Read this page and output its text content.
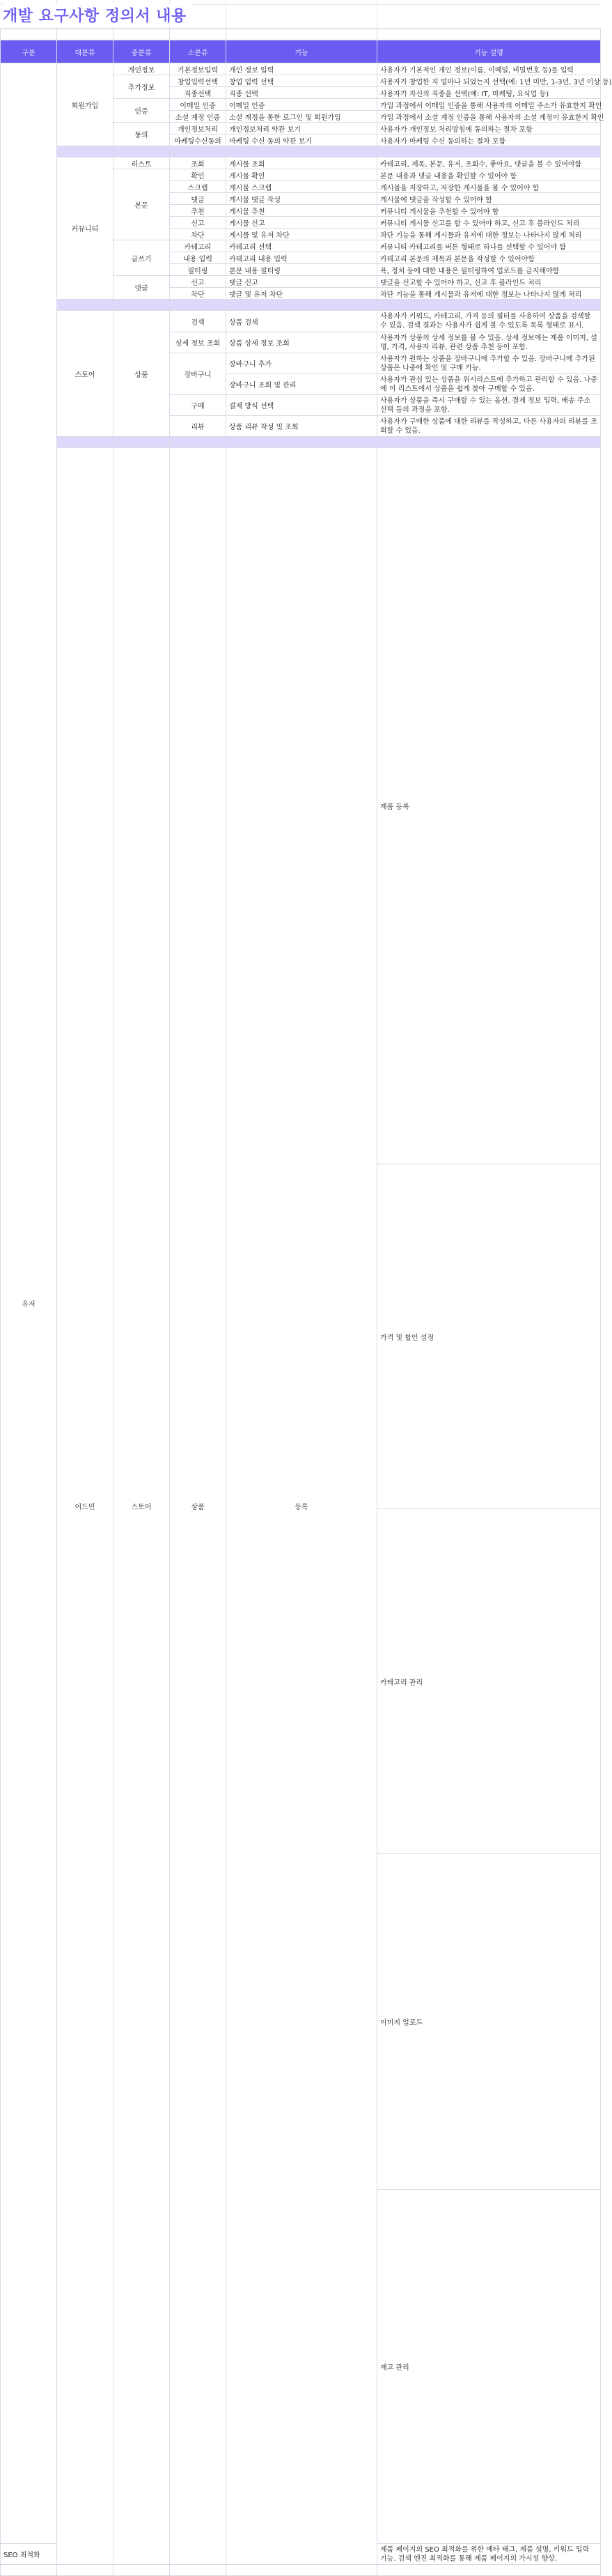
개발 요구사항 정의서 내용

구분	대분류	중분류	소분류	기능	기능 설명	
유저	회원가입	개인정보	기본정보입력	개인 정보 입력	사용자가 기본적인 개인 정보(이름, 이메일, 비밀번호 등)를 입력	
		추가정보	창업입력선택	창업 입력 선택	사용자가 창업한 지 얼마나 되었는지 선택(예: 1년 미만, 1-3년, 3년 이상 등)	
			직종선택	직종 선택	사용자가 자신의 직종을 선택(예: IT, 마케팅, 요식업 등)	
		인증	이메일 인증	이메일 인증	가입 과정에서 이메일 인증을 통해 사용자의 이메일 주소가 유효한지 확인	
			소셜 계정 인증	소셜 계정을 통한 로그인 및 회원가입	가입 과정에서 소셜 계정 인증을 통해 사용자의 소셜 계정이 유효한지 확인	
		동의	개인정보처리	개인정보처리 약관 보기	사용자가 개인정보 처리방침에 동의하는 절차 포함	
			마케팅수신동의	마케팅 수신 동의 약관 보기	사용자가 마케팅 수신 동의하는 절차 포함	

	커뮤니티	리스트	조회	게시물 조회	카테고리, 제목, 본문, 유저, 조회수, 좋아요, 댓글을 볼 수 있어야함	
		본문	확인	게시물 확인	본문 내용과 댓글 내용을 확인할 수 있어야 함	
			스크랩	게시물 스크랩	게시물을 저장하고, 저장한 게시물을 볼 수 있어야 함	
			댓글	게시물 댓글 작성	게시물에 댓글을 작성할 수 있어야 함	
			추천	게시물 추천	커뮤니티 게시물을 추천할 수 있어야 함	
			신고	게시물 신고	커뮤니티 게시물 신고를 할 수 있어야 하고, 신고 후 블라인드 처리	
			차단	게시물 및 유저 차단	차단 기능을 통해 게시물과 유저에 대한 정보는 나타나지 않게 처리	
		글쓰기	카테고리	카테고리 선택	커뮤니티 카테고리를 버튼 형태로 하나를 선택할 수 있어야 함	
			내용 입력	카테고리 내용 입력	카테고리 본문의 제목과 본문을 작성할 수 있어야함	
			필터링	본문 내용 필터링	욕, 정치 등에 대한 내용은 필터링하여 업로드를 금지해야함	
		댓글	신고	댓글 신고	댓글을 신고할 수 있어야 하고, 신고 후 블라인드 처리	
			차단	댓글 및 유저 차단	차단 기능을 통해 게시물과 유저에 대한 정보는 나타나지 않게 처리	

	스토어	상품	검색	상품 검색	사용자가 키워드, 카테고리, 가격 등의 필터를 사용하여 상품을 검색할 수 있음. 검색 결과는 사용자가 쉽게 볼 수 있도록 목록 형태로 표시.	
			상세 정보 조회	상품 상세 정보 조회	사용자가 상품의 상세 정보를 볼 수 있음. 상세 정보에는 제품 이미지, 설명, 가격, 사용자 리뷰, 관련 상품 추천 등이 포함.	
			장바구니	장바구니 추가	사용자가 원하는 상품을 장바구니에 추가할 수 있음. 장바구니에 추가된 상품은 나중에 확인 및 구매 가능.	
				장바구니 조회 및 관리	사용자가 관심 있는 상품을 위시리스트에 추가하고 관리할 수 있음. 나중에 이 리스트에서 상품을 쉽게 찾아 구매할 수 있음.	
			구매	결제 방식 선택	사용자가 상품을 즉시 구매할 수 있는 옵션. 결제 정보 입력, 배송 주소 선택 등의 과정을 포함.	
			리뷰	상품 리뷰 작성 및 조회	사용자가 구매한 상품에 대한 리뷰를 작성하고, 다른 사용자의 리뷰를 조회할 수 있음.	

	어드민	스토어	상품	등록	제품 등록	
					가격 및 할인 설정	
					카테고리 관리	
					이미지 업로드	
					재고 관리	
SEO 최적화					제품 페이지의 SEO 최적화를 위한 메타 태그, 제품 설명, 키워드 입력 기능. 검색 엔진 최적화를 통해 제품 페이지의 가시성 향상.	
